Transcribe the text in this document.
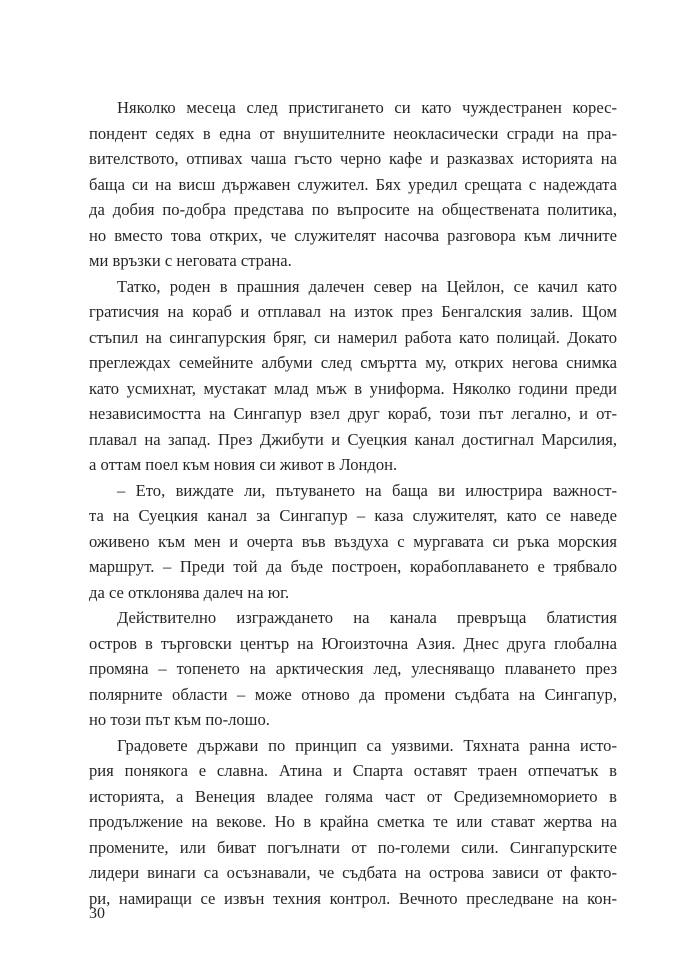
Няколко месеца след пристигането си като чуждестранен корес-
пондент седях в една от внушителните неокласически сгради на пра-
вителството, отпивах чаша гъсто черно кафе и разказвах историята на
баща си на висш държавен служител. Бях уредил срещата с надеждата
да добия по-добра представа по въпросите на обществената политика,
но вместо това открих, че служителят насочва разговора към личните
ми връзки с неговата страна.
Татко, роден в прашния далечен север на Цейлон, се качил като
гратисчия на кораб и отплавал на изток през Бенгалския залив. Щом
стъпил на сингапурския бряг, си намерил работа като полицай. Докато
преглеждах семейните албуми след смъртта му, открих негова снимка
като усмихнат, мустакат млад мъж в униформа. Няколко години преди
независимостта на Сингапур взел друг кораб, този път легално, и от-
плавал на запад. През Джибути и Суецкия канал достигнал Марсилия,
а оттам поел към новия си живот в Лондон.
– Ето, виждате ли, пътуването на баща ви илюстрира важност-
та на Суецкия канал за Сингапур – каза служителят, като се наведе
оживено към мен и очерта във въздуха с мургавата си ръка морския
маршрут. – Преди той да бъде построен, корабоплаването е трябвало
да се отклонява далеч на юг.
Действително изграждането на канала превръща блатистия
остров в търговски център на Югоизточна Азия. Днес друга глобална
промяна – топенето на арктическия лед, улесняващо плаването през
полярните области – може отново да промени съдбата на Сингапур,
но този път към по-лошо.
Градовете държави по принцип са уязвими. Тяхната ранна исто-
рия понякога е славна. Атина и Спарта оставят траен отпечатък в
историята, а Венеция владее голяма част от Средиземноморието в
продължение на векове. Но в крайна сметка те или стават жертва на
промените, или биват погълнати от по-големи сили. Сингапурските
лидери винаги са осъзнавали, че съдбата на острова зависи от факто-
ри, намиращи се извън техния контрол. Вечното преследване на кон-
30
